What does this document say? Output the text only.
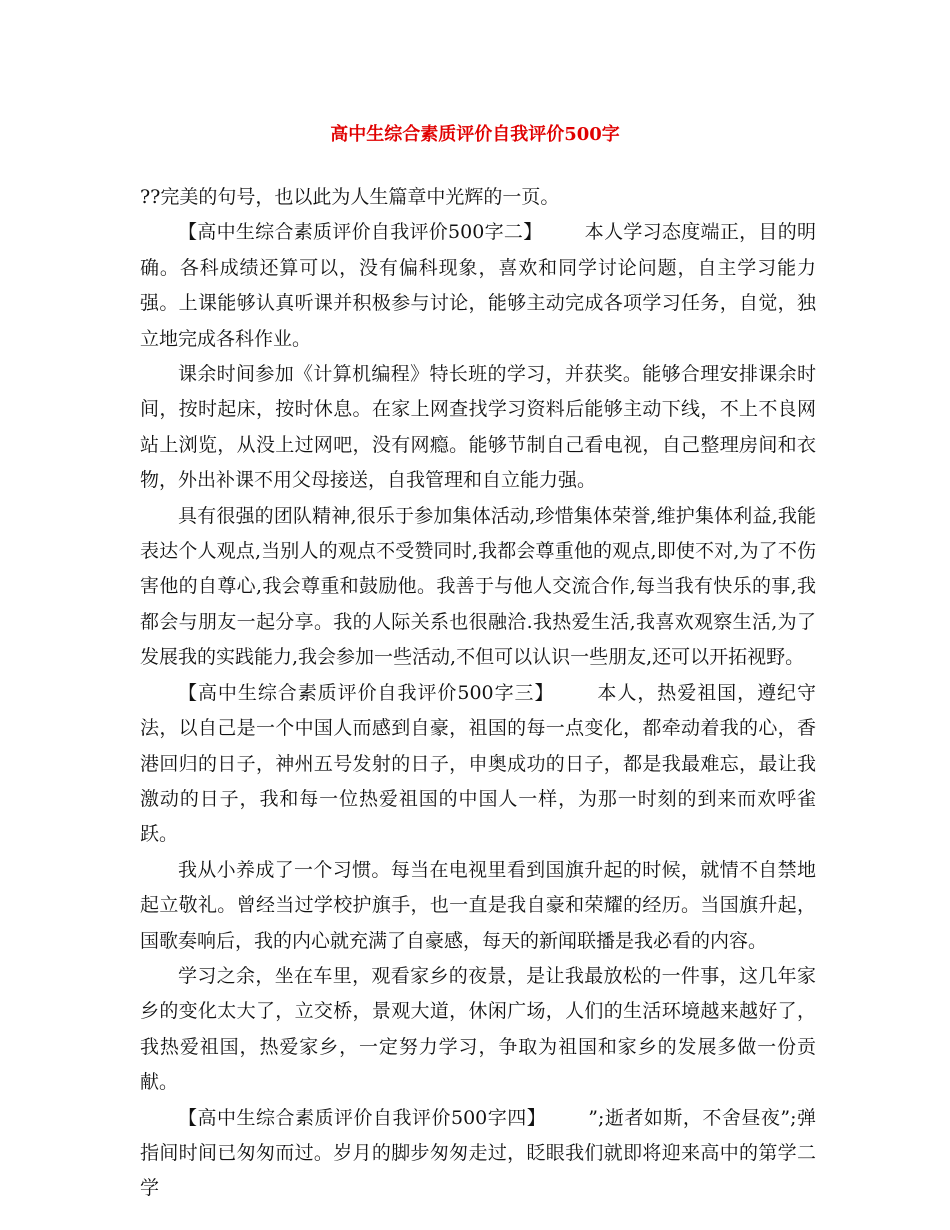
高中生综合素质评价自我评价500字

??完美的句号，也以此为人生篇章中光辉的一页。

【高中生综合素质评价自我评价500字二】 本人学习态度端正，目的明确。各科成绩还算可以，没有偏科现象，喜欢和同学讨论问题，自主学习能力强。上课能够认真听课并积极参与讨论，能够主动完成各项学习任务，自觉，独立地完成各科作业。

课余时间参加《计算机编程》特长班的学习，并获奖。能够合理安排课余时间，按时起床，按时休息。在家上网查找学习资料后能够主动下线，不上不良网站上浏览，从没上过网吧，没有网瘾。能够节制自己看电视，自己整理房间和衣物，外出补课不用父母接送，自我管理和自立能力强。

具有很强的团队精神,很乐于参加集体活动,珍惜集体荣誉,维护集体利益,我能表达个人观点,当别人的观点不受赞同时,我都会尊重他的观点,即使不对,为了不伤害他的自尊心,我会尊重和鼓励他。我善于与他人交流合作,每当我有快乐的事,我都会与朋友一起分享。我的人际关系也很融洽.我热爱生活,我喜欢观察生活,为了发展我的实践能力,我会参加一些活动,不但可以认识一些朋友,还可以开拓视野。

【高中生综合素质评价自我评价500字三】 本人，热爱祖国，遵纪守法，以自己是一个中国人而感到自豪，祖国的每一点变化，都牵动着我的心，香港回归的日子，神州五号发射的日子，申奥成功的日子，都是我最难忘，最让我激动的日子，我和每一位热爱祖国的中国人一样，为那一时刻的到来而欢呼雀跃。

我从小养成了一个习惯。每当在电视里看到国旗升起的时候，就情不自禁地起立敬礼。曾经当过学校护旗手，也一直是我自豪和荣耀的经历。当国旗升起，国歌奏响后，我的内心就充满了自豪感，每天的新闻联播是我必看的内容。

学习之余，坐在车里，观看家乡的夜景，是让我最放松的一件事，这几年家乡的变化太大了，立交桥，景观大道，休闲广场，人们的生活环境越来越好了，我热爱祖国，热爱家乡，一定努力学习，争取为祖国和家乡的发展多做一份贡献。

【高中生综合素质评价自我评价500字四】 ”;逝者如斯，不舍昼夜”;弹指间时间已匆匆而过。岁月的脚步匆匆走过，眨眼我们就即将迎来高中的第学二学
